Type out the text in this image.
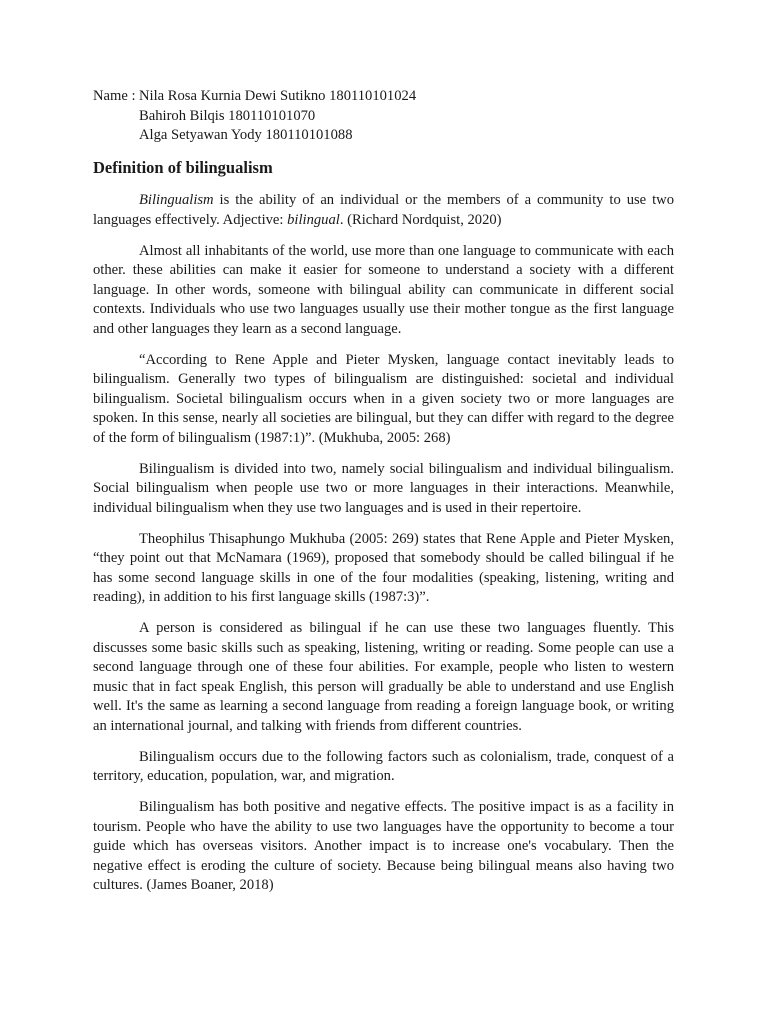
Name : Nila Rosa Kurnia Dewi Sutikno 180110101024
Bahiroh Bilqis 180110101070
Alga Setyawan Yody 180110101088
Definition of bilingualism

Bilingualism is the ability of an individual or the members of a community to use two languages effectively. Adjective: bilingual. (Richard Nordquist, 2020)

Almost all inhabitants of the world, use more than one language to communicate with each other. these abilities can make it easier for someone to understand a society with a different language. In other words, someone with bilingual ability can communicate in different social contexts. Individuals who use two languages usually use their mother tongue as the first language and other languages they learn as a second language.

“According to Rene Apple and Pieter Mysken, language contact inevitably leads to bilingualism. Generally two types of bilingualism are distinguished: societal and individual bilingualism. Societal bilingualism occurs when in a given society two or more languages are spoken. In this sense, nearly all societies are bilingual, but they can differ with regard to the degree of the form of bilingualism (1987:1)”. (Mukhuba, 2005: 268)

Bilingualism is divided into two, namely social bilingualism and individual bilingualism. Social bilingualism when people use two or more languages in their interactions. Meanwhile, individual bilingualism when they use two languages and is used in their repertoire.

Theophilus Thisaphungo Mukhuba (2005: 269) states that Rene Apple and Pieter Mysken, “they point out that McNamara (1969), proposed that somebody should be called bilingual if he has some second language skills in one of the four modalities (speaking, listening, writing and reading), in addition to his first language skills (1987:3)”.

A person is considered as bilingual if he can use these two languages fluently. This discusses some basic skills such as speaking, listening, writing or reading. Some people can use a second language through one of these four abilities. For example, people who listen to western music that in fact speak English, this person will gradually be able to understand and use English well. It's the same as learning a second language from reading a foreign language book, or writing an international journal, and talking with friends from different countries.

Bilingualism occurs due to the following factors such as colonialism, trade, conquest of a territory, education, population, war, and migration.

Bilingualism has both positive and negative effects. The positive impact is as a facility in tourism. People who have the ability to use two languages have the opportunity to become a tour guide which has overseas visitors. Another impact is to increase one's vocabulary. Then the negative effect is eroding the culture of society. Because being bilingual means also having two cultures. (James Boaner, 2018)
